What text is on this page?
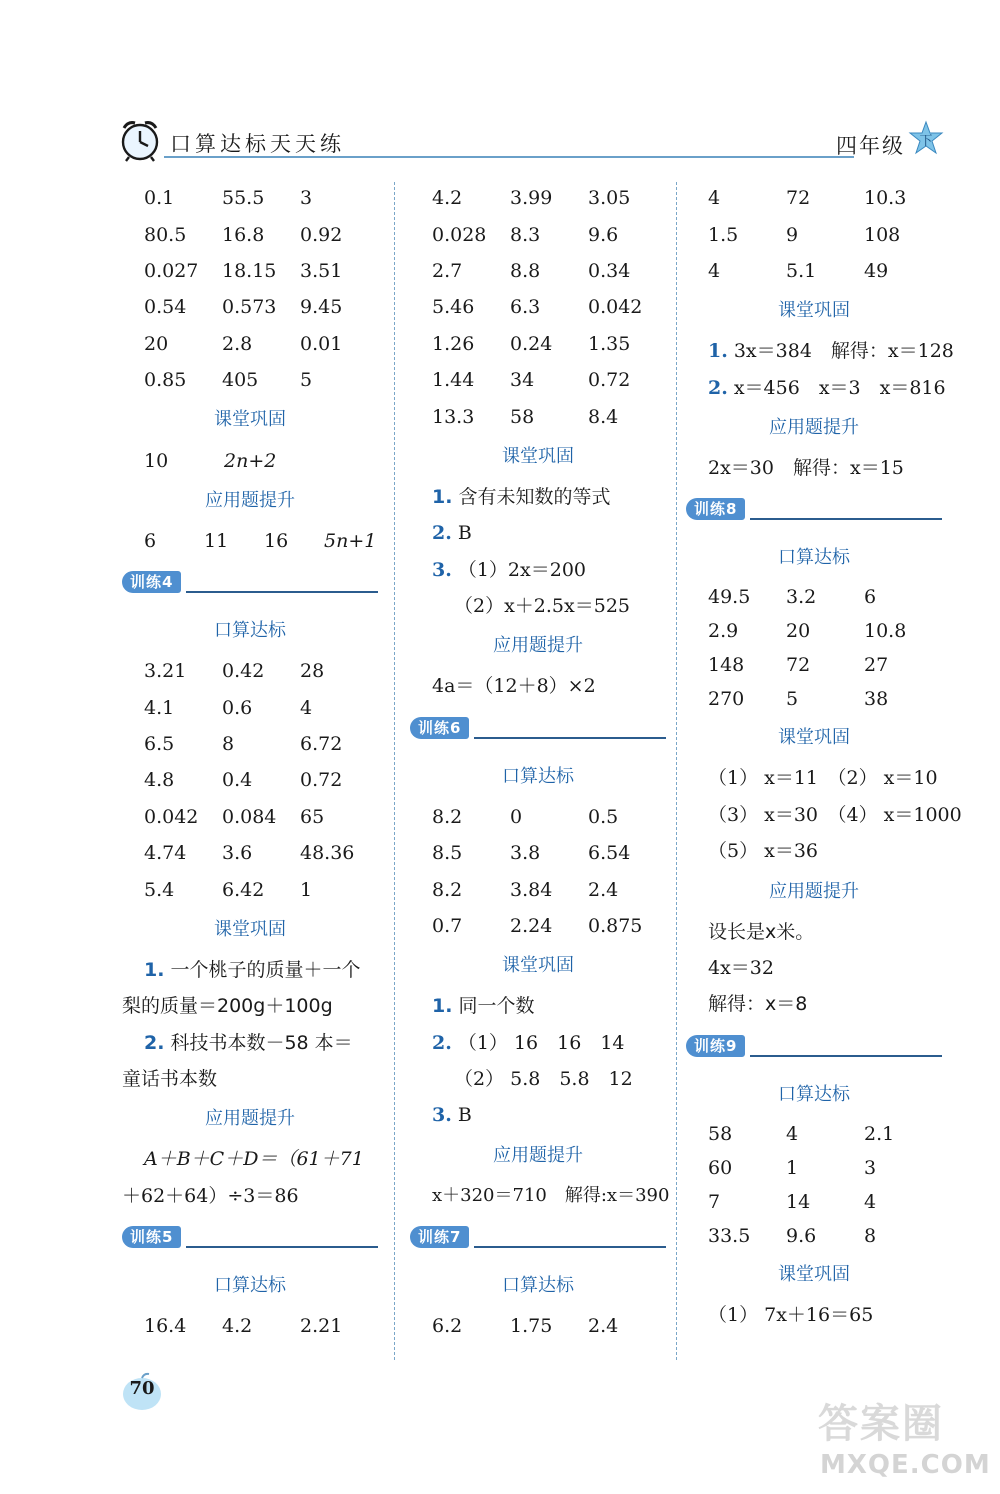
口算达标天天练	四年级 下
0.1	55.5	3
80.5	16.8	0.92
0.027	18.15	3.51
0.54	0.573	9.45
20	2.8	0.01
0.85	405	5
课堂巩固
10	2n+2
应用题提升
6	11	16	5n+1
训练4
口算达标
3.21	0.42	28
4.1	0.6	4
6.5	8	6.72
4.8	0.4	0.72
0.042	0.084	65
4.74	3.6	48.36
5.4	6.42	1
课堂巩固
1. 一个桃子的质量＋一个
梨的质量＝200g＋100g
2. 科技书本数－58 本＝
童话书本数
应用题提升
A＋B＋C＋D＝（61＋71
＋62＋64）÷3＝86
训练5
口算达标
16.4	4.2	2.21
4.2	3.99	3.05
0.028	8.3	9.6
2.7	8.8	0.34
5.46	6.3	0.042
1.26	0.24	1.35
1.44	34	0.72
13.3	58	8.4
课堂巩固
1. 含有未知数的等式
2. B
3. （1）2x＝200
（2）x＋2.5x＝525
应用题提升
4a＝（12＋8）×2
训练6
口算达标
8.2	0	0.5
8.5	3.8	6.54
8.2	3.84	2.4
0.7	2.24	0.875
课堂巩固
1. 同一个数
2. （1） 16　16　14
（2） 5.8　5.8　12
3. B
应用题提升
x＋320＝710　解得:x＝390
训练7
口算达标
6.2	1.75	2.4
4	72	10.3
1.5	9	108
4	5.1	49
课堂巩固
1. 3x＝384　解得：x＝128
2. x＝456　x＝3　x＝816
应用题提升
2x＝30　解得：x＝15
训练8
口算达标
49.5	3.2	6
2.9	20	10.8
148	72	27
270	5	38
课堂巩固
（1） x＝11　（2） x＝10
（3） x＝30　（4） x＝1000
（5） x＝36
应用题提升
设长是x米。
4x＝32
解得：x＝8
训练9
口算达标
58	4	2.1
60	1	3
7	14	4
33.5	9.6	8
课堂巩固
（1） 7x＋16＝65
70
答案圈
MXQE.COM
